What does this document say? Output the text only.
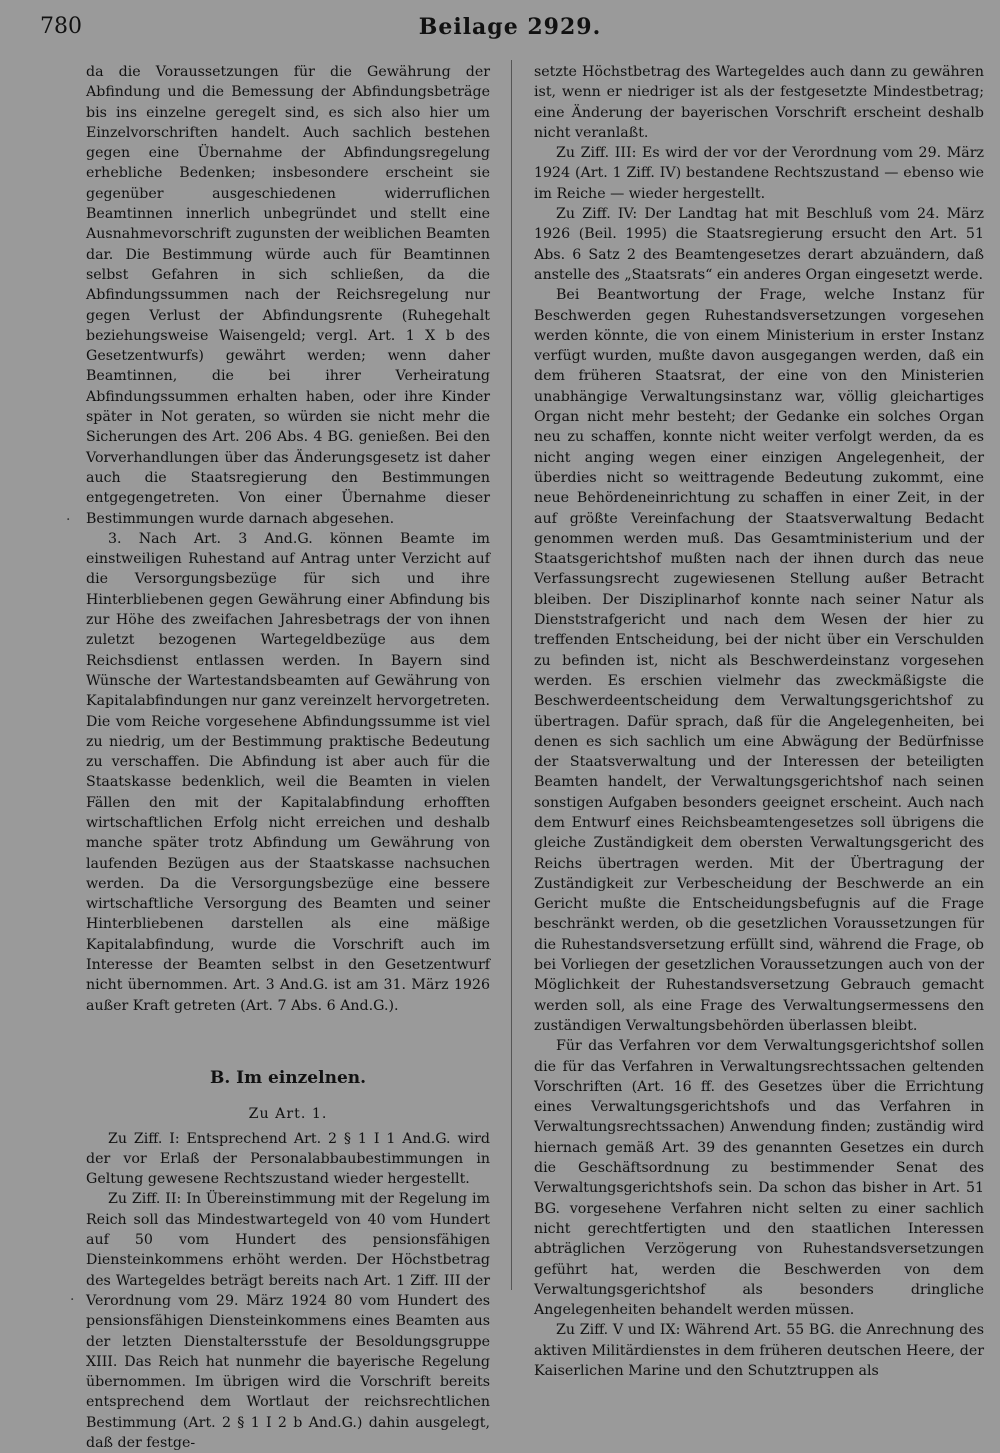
780	Beilage 2929.

da die Voraussetzungen für die Gewährung der Abfindung und die Bemessung der Abfindungsbeträge bis ins einzelne geregelt sind, es sich also hier um Einzelvorschriften handelt. Auch sachlich bestehen gegen eine Übernahme der Abfindungsregelung erhebliche Bedenken; insbesondere erscheint sie gegenüber ausgeschiedenen widerruflichen Beamtinnen innerlich unbegründet und stellt eine Ausnahmevorschrift zugunsten der weiblichen Beamten dar. Die Bestimmung würde auch für Beamtinnen selbst Gefahren in sich schließen, da die Abfindungssummen nach der Reichsregelung nur gegen Verlust der Abfindungsrente (Ruhegehalt beziehungsweise Waisengeld; vergl. Art. 1 X b des Gesetzentwurfs) gewährt werden; wenn daher Beamtinnen, die bei ihrer Verheiratung Abfindungssummen erhalten haben, oder ihre Kinder später in Not geraten, so würden sie nicht mehr die Sicherungen des Art. 206 Abs. 4 BG. genießen. Bei den Vorverhandlungen über das Änderungsgesetz ist daher auch die Staatsregierung den Bestimmungen entgegengetreten. Von einer Übernahme dieser Bestimmungen wurde darnach abgesehen.

3. Nach Art. 3 And.G. können Beamte im einstweiligen Ruhestand auf Antrag unter Verzicht auf die Versorgungsbezüge für sich und ihre Hinterbliebenen gegen Gewährung einer Abfindung bis zur Höhe des zweifachen Jahresbetrags der von ihnen zuletzt bezogenen Wartegeldbezüge aus dem Reichsdienst entlassen werden. In Bayern sind Wünsche der Wartestandsbeamten auf Gewährung von Kapitalabfindungen nur ganz vereinzelt hervorgetreten. Die vom Reiche vorgesehene Abfindungssumme ist viel zu niedrig, um der Bestimmung praktische Bedeutung zu verschaffen. Die Abfindung ist aber auch für die Staatskasse bedenklich, weil die Beamten in vielen Fällen den mit der Kapitalabfindung erhofften wirtschaftlichen Erfolg nicht erreichen und deshalb manche später trotz Abfindung um Gewährung von laufenden Bezügen aus der Staatskasse nachsuchen werden. Da die Versorgungsbezüge eine bessere wirtschaftliche Versorgung des Beamten und seiner Hinterbliebenen darstellen als eine mäßige Kapitalabfindung, wurde die Vorschrift auch im Interesse der Beamten selbst in den Gesetzentwurf nicht übernommen. Art. 3 And.G. ist am 31. März 1926 außer Kraft getreten (Art. 7 Abs. 6 And.G.).

B. Im einzelnen.

Zu Art. 1.

Zu Ziff. I: Entsprechend Art. 2 § 1 I 1 And.G. wird der vor Erlaß der Personalabbaubestimmungen in Geltung gewesene Rechtszustand wieder hergestellt.

Zu Ziff. II: In Übereinstimmung mit der Regelung im Reich soll das Mindestwartegeld von 40 vom Hundert auf 50 vom Hundert des pensionsfähigen Diensteinkommens erhöht werden. Der Höchstbetrag des Wartegeldes beträgt bereits nach Art. 1 Ziff. III der Verordnung vom 29. März 1924 80 vom Hundert des pensionsfähigen Diensteinkommens eines Beamten aus der letzten Dienstaltersstufe der Besoldungsgruppe XIII. Das Reich hat nunmehr die bayerische Regelung übernommen. Im übrigen wird die Vorschrift bereits entsprechend dem Wortlaut der reichsrechtlichen Bestimmung (Art. 2 § 1 I 2 b And.G.) dahin ausgelegt, daß der festge-

setzte Höchstbetrag des Wartegeldes auch dann zu gewähren ist, wenn er niedriger ist als der festgesetzte Mindestbetrag; eine Änderung der bayerischen Vorschrift erscheint deshalb nicht veranlaßt.

Zu Ziff. III: Es wird der vor der Verordnung vom 29. März 1924 (Art. 1 Ziff. IV) bestandene Rechtszustand — ebenso wie im Reiche — wieder hergestellt.

Zu Ziff. IV: Der Landtag hat mit Beschluß vom 24. März 1926 (Beil. 1995) die Staatsregierung ersucht den Art. 51 Abs. 6 Satz 2 des Beamtengesetzes derart abzuändern, daß anstelle des „Staatsrats“ ein anderes Organ eingesetzt werde.

Bei Beantwortung der Frage, welche Instanz für Beschwerden gegen Ruhestandsversetzungen vorgesehen werden könnte, die von einem Ministerium in erster Instanz verfügt wurden, mußte davon ausgegangen werden, daß ein dem früheren Staatsrat, der eine von den Ministerien unabhängige Verwaltungsinstanz war, völlig gleichartiges Organ nicht mehr besteht; der Gedanke ein solches Organ neu zu schaffen, konnte nicht weiter verfolgt werden, da es nicht anging wegen einer einzigen Angelegenheit, der überdies nicht so weittragende Bedeutung zukommt, eine neue Behördeneinrichtung zu schaffen in einer Zeit, in der auf größte Vereinfachung der Staatsverwaltung Bedacht genommen werden muß. Das Gesamtministerium und der Staatsgerichtshof mußten nach der ihnen durch das neue Verfassungsrecht zugewiesenen Stellung außer Betracht bleiben. Der Disziplinarhof konnte nach seiner Natur als Dienststrafgericht und nach dem Wesen der hier zu treffenden Entscheidung, bei der nicht über ein Verschulden zu befinden ist, nicht als Beschwerdeinstanz vorgesehen werden. Es erschien vielmehr das zweckmäßigste die Beschwerdeentscheidung dem Verwaltungsgerichtshof zu übertragen. Dafür sprach, daß für die Angelegenheiten, bei denen es sich sachlich um eine Abwägung der Bedürfnisse der Staatsverwaltung und der Interessen der beteiligten Beamten handelt, der Verwaltungsgerichtshof nach seinen sonstigen Aufgaben besonders geeignet erscheint. Auch nach dem Entwurf eines Reichsbeamtengesetzes soll übrigens die gleiche Zuständigkeit dem obersten Verwaltungsgericht des Reichs übertragen werden. Mit der Übertragung der Zuständigkeit zur Verbescheidung der Beschwerde an ein Gericht mußte die Entscheidungsbefugnis auf die Frage beschränkt werden, ob die gesetzlichen Voraussetzungen für die Ruhestandsversetzung erfüllt sind, während die Frage, ob bei Vorliegen der gesetzlichen Voraussetzungen auch von der Möglichkeit der Ruhestandsversetzung Gebrauch gemacht werden soll, als eine Frage des Verwaltungsermessens den zuständigen Verwaltungsbehörden überlassen bleibt.

Für das Verfahren vor dem Verwaltungsgerichtshof sollen die für das Verfahren in Verwaltungsrechtssachen geltenden Vorschriften (Art. 16 ff. des Gesetzes über die Errichtung eines Verwaltungsgerichtshofs und das Verfahren in Verwaltungsrechtssachen) Anwendung finden; zuständig wird hiernach gemäß Art. 39 des genannten Gesetzes ein durch die Geschäftsordnung zu bestimmender Senat des Verwaltungsgerichtshofs sein. Da schon das bisher in Art. 51 BG. vorgesehene Verfahren nicht selten zu einer sachlich nicht gerechtfertigten und den staatlichen Interessen abträglichen Verzögerung von Ruhestandsversetzungen geführt hat, werden die Beschwerden von dem Verwaltungsgerichtshof als besonders dringliche Angelegenheiten behandelt werden müssen.

Zu Ziff. V und IX: Während Art. 55 BG. die Anrechnung des aktiven Militärdienstes in dem früheren deutschen Heere, der Kaiserlichen Marine und den Schutztruppen als

·
·
